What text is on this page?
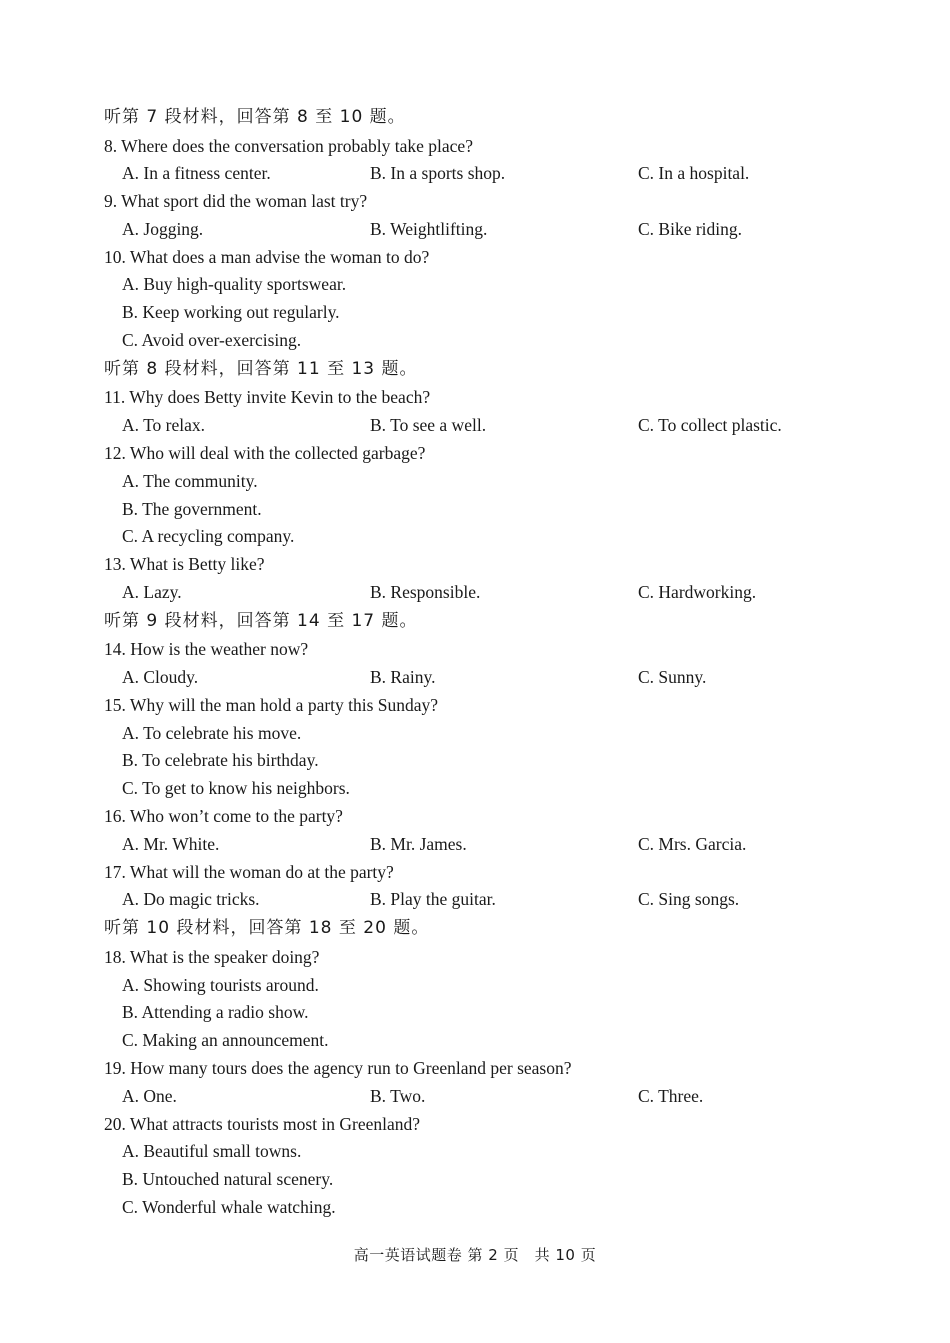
听第 7 段材料，回答第 8 至 10 题。
8. Where does the conversation probably take place?
A. In a fitness center.	B. In a sports shop.	C. In a hospital.
9. What sport did the woman last try?
A. Jogging.	B. Weightlifting.	C. Bike riding.
10. What does a man advise the woman to do?
A. Buy high-quality sportswear.
B. Keep working out regularly.
C. Avoid over-exercising.
听第 8 段材料，回答第 11 至 13 题。
11. Why does Betty invite Kevin to the beach?
A. To relax.	B. To see a well.	C. To collect plastic.
12. Who will deal with the collected garbage?
A. The community.
B. The government.
C. A recycling company.
13. What is Betty like?
A. Lazy.	B. Responsible.	C. Hardworking.
听第 9 段材料，回答第 14 至 17 题。
14. How is the weather now?
A. Cloudy.	B. Rainy.	C. Sunny.
15. Why will the man hold a party this Sunday?
A. To celebrate his move.
B. To celebrate his birthday.
C. To get to know his neighbors.
16. Who won’t come to the party?
A. Mr. White.	B. Mr. James.	C. Mrs. Garcia.
17. What will the woman do at the party?
A. Do magic tricks.	B. Play the guitar.	C. Sing songs.
听第 10 段材料，回答第 18 至 20 题。
18. What is the speaker doing?
A. Showing tourists around.
B. Attending a radio show.
C. Making an announcement.
19. How many tours does the agency run to Greenland per season?
A. One.	B. Two.	C. Three.
20. What attracts tourists most in Greenland?
A. Beautiful small towns.
B. Untouched natural scenery.
C. Wonderful whale watching.
高一英语试题卷 第 2 页　共 10 页
